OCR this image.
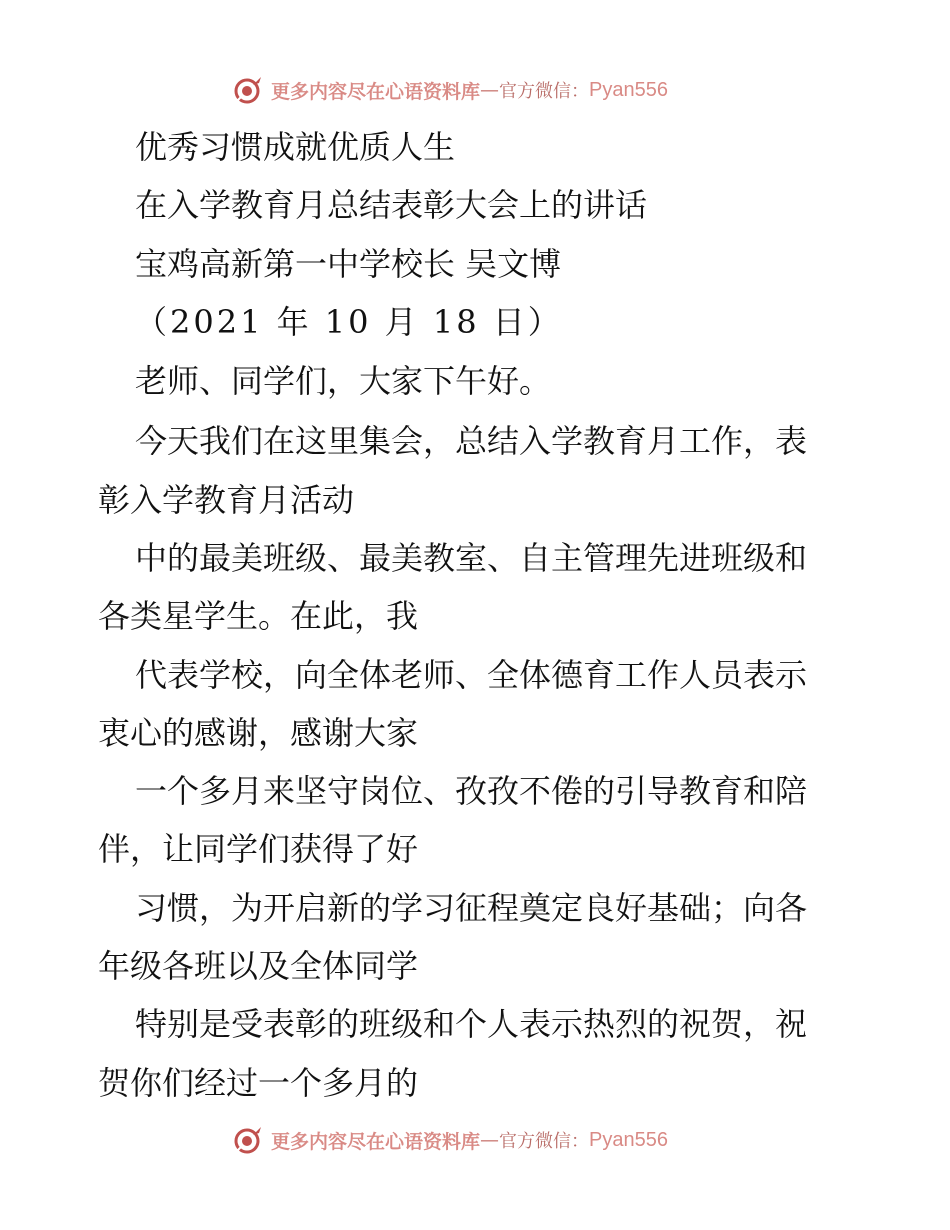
更多内容尽在心语资料库 — 官方微信： Pyan556
优秀习惯成就优质人生
在入学教育月总结表彰大会上的讲话
宝鸡高新第一中学校长 吴文博
（2021 年 10 月 18 日）
老师、同学们，大家下午好。
今天我们在这里集会，总结入学教育月工作，表
彰入学教育月活动
中的最美班级、最美教室、自主管理先进班级和
各类星学生。在此，我
代表学校，向全体老师、全体德育工作人员表示
衷心的感谢，感谢大家
一个多月来坚守岗位、孜孜不倦的引导教育和陪
伴，让同学们获得了好
习惯，为开启新的学习征程奠定良好基础；向各
年级各班以及全体同学
特别是受表彰的班级和个人表示热烈的祝贺，祝
贺你们经过一个多月的
更多内容尽在心语资料库 — 官方微信： Pyan556
